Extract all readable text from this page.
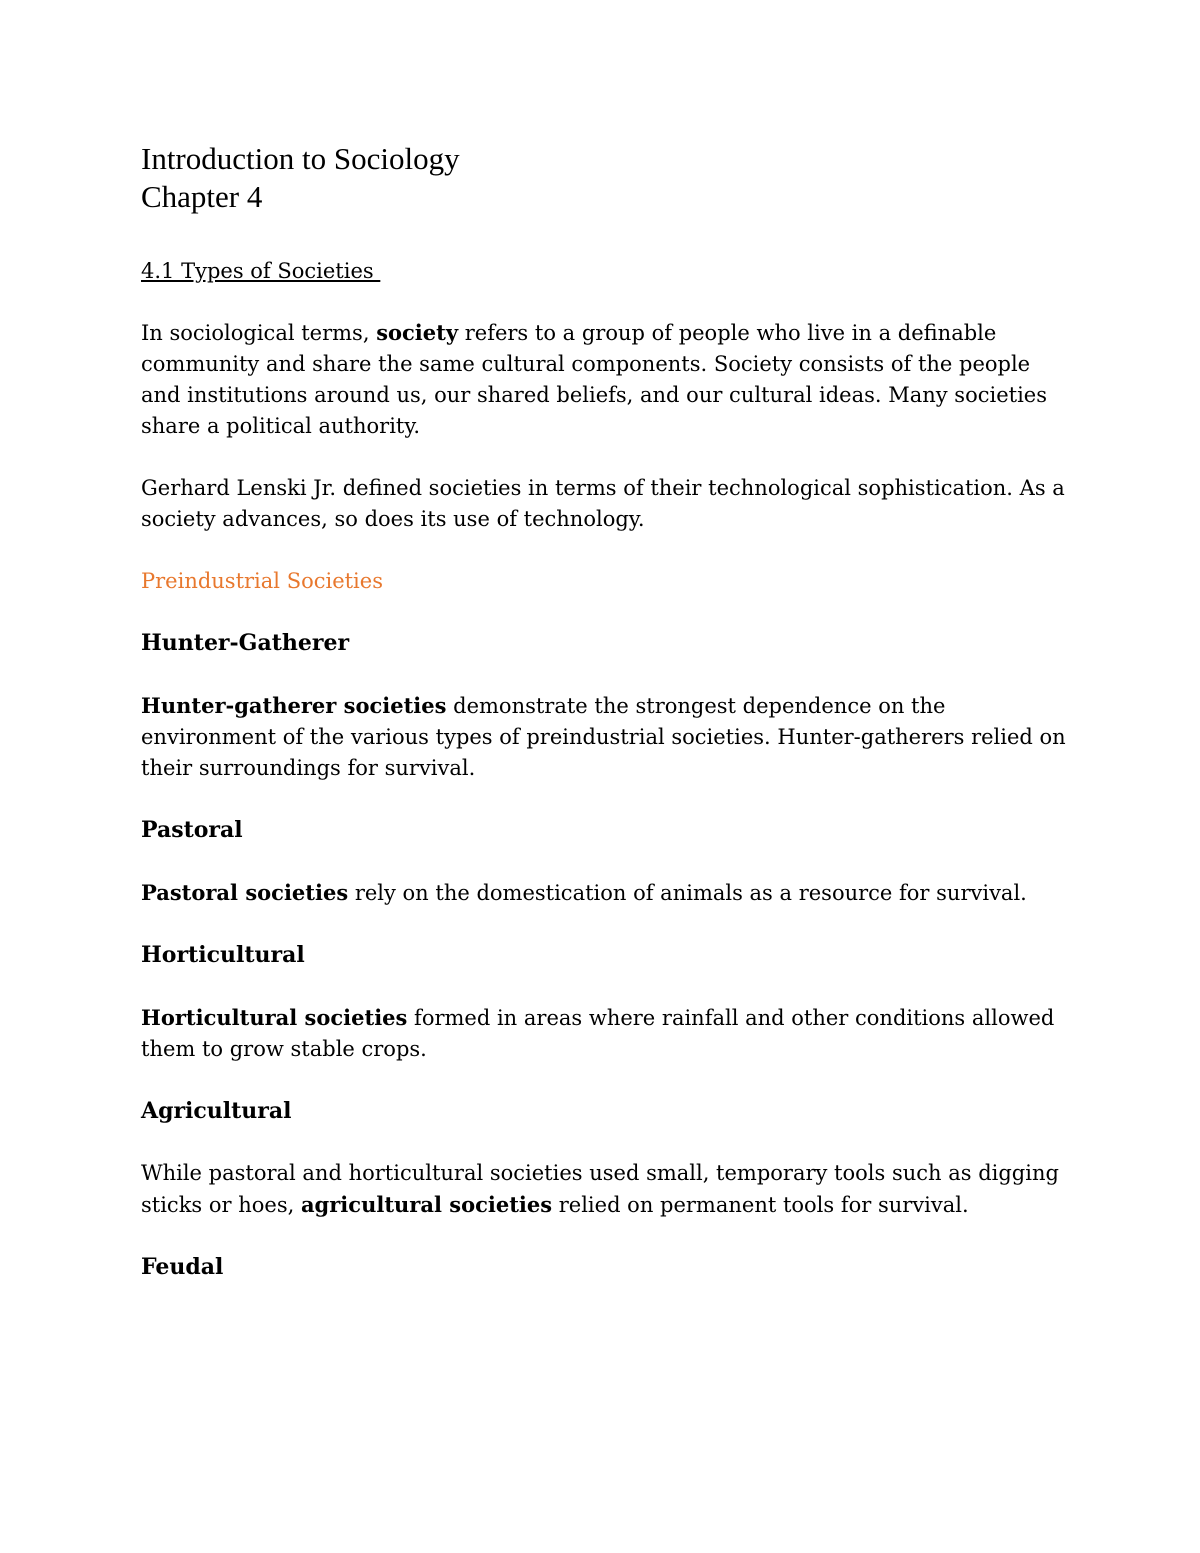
Introduction to Sociology
Chapter 4
4.1 Types of Societies

In sociological terms, society refers to a group of people who live in a definable community and share the same cultural components. Society consists of the people and institutions around us, our shared beliefs, and our cultural ideas. Many societies share a political authority.

Gerhard Lenski Jr. defined societies in terms of their technological sophistication. As a society advances, so does its use of technology.

Preindustrial Societies

Hunter-Gatherer

Hunter-gatherer societies demonstrate the strongest dependence on the environment of the various types of preindustrial societies. Hunter-gatherers relied on their surroundings for survival.

Pastoral

Pastoral societies rely on the domestication of animals as a resource for survival.

Horticultural

Horticultural societies formed in areas where rainfall and other conditions allowed them to grow stable crops.

Agricultural

While pastoral and horticultural societies used small, temporary tools such as digging sticks or hoes, agricultural societies relied on permanent tools for survival.

Feudal
